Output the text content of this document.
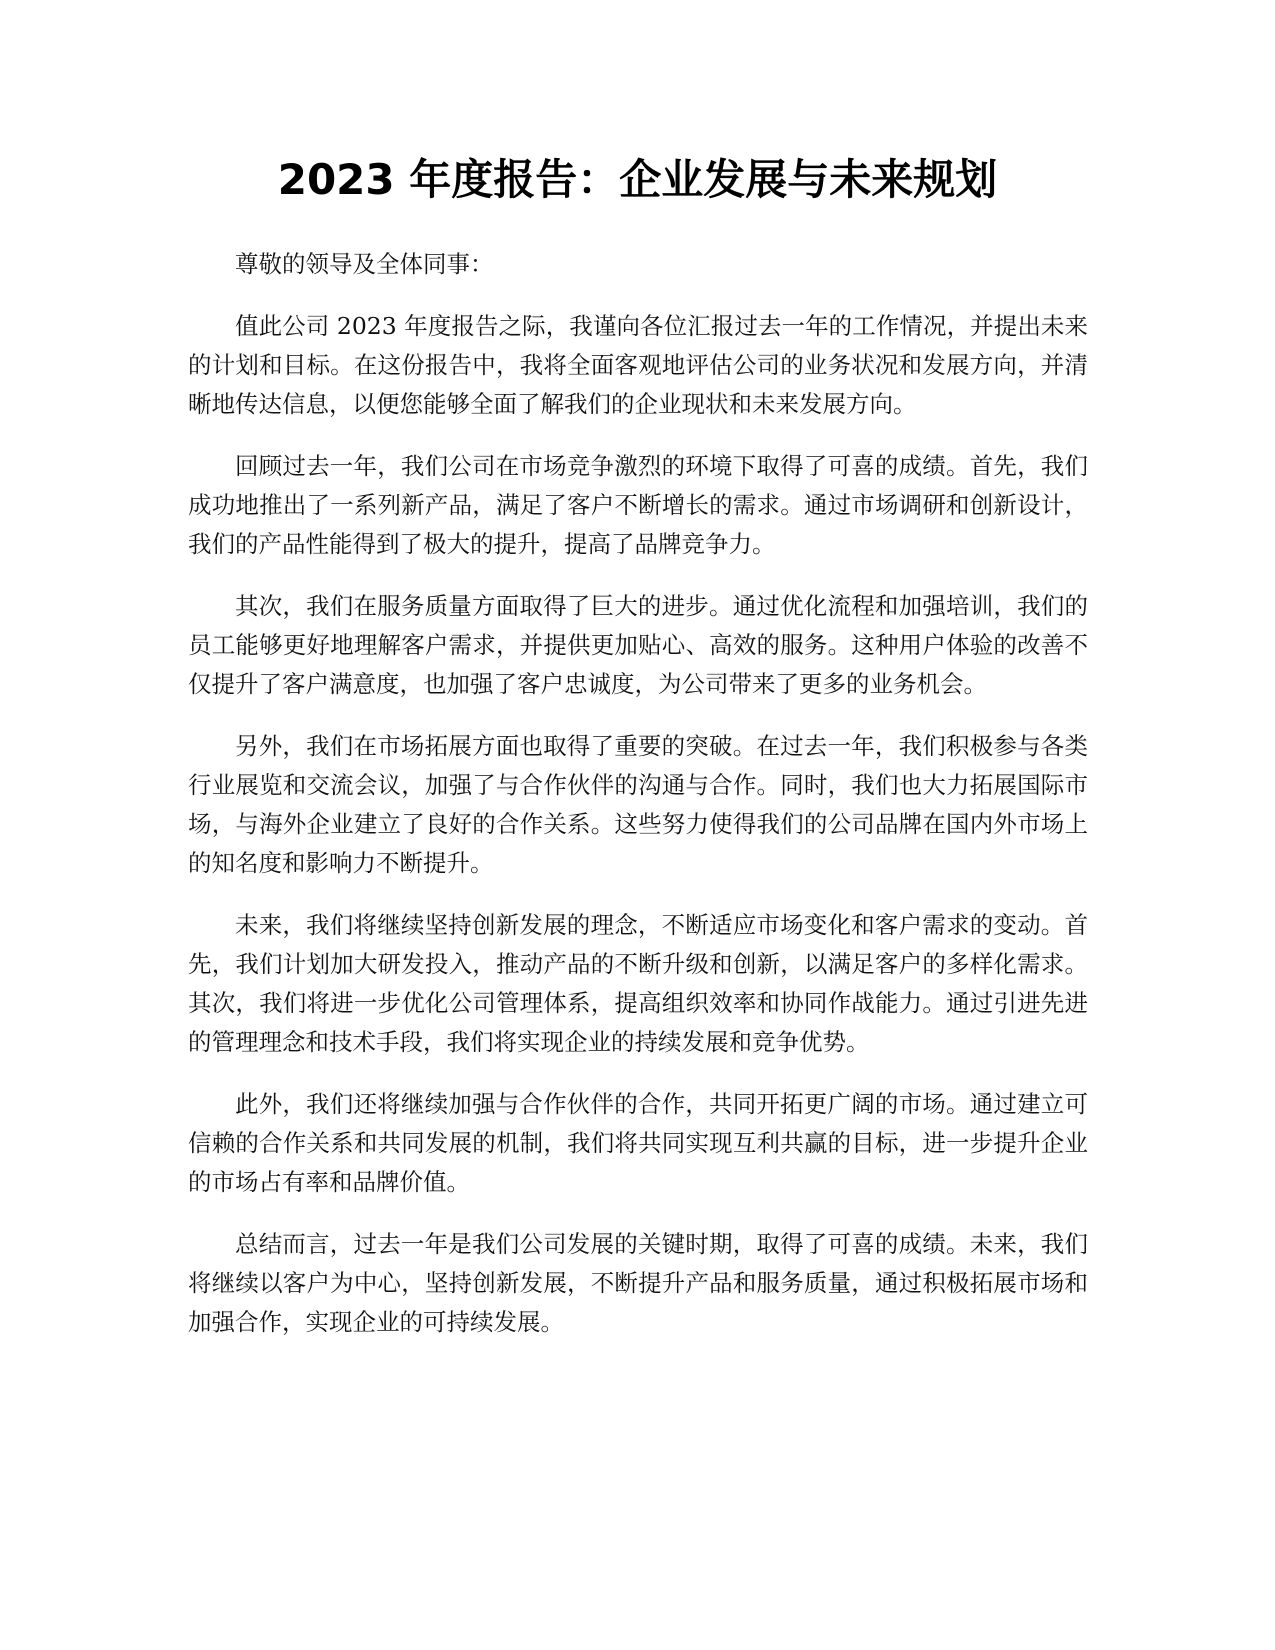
2023 年度报告：企业发展与未来规划

尊敬的领导及全体同事：

值此公司 2023 年度报告之际，我谨向各位汇报过去一年的工作情况，并提出未来的计划和目标。在这份报告中，我将全面客观地评估公司的业务状况和发展方向，并清晰地传达信息，以便您能够全面了解我们的企业现状和未来发展方向。

回顾过去一年，我们公司在市场竞争激烈的环境下取得了可喜的成绩。首先，我们成功地推出了一系列新产品，满足了客户不断增长的需求。通过市场调研和创新设计，我们的产品性能得到了极大的提升，提高了品牌竞争力。

其次，我们在服务质量方面取得了巨大的进步。通过优化流程和加强培训，我们的员工能够更好地理解客户需求，并提供更加贴心、高效的服务。这种用户体验的改善不仅提升了客户满意度，也加强了客户忠诚度，为公司带来了更多的业务机会。

另外，我们在市场拓展方面也取得了重要的突破。在过去一年，我们积极参与各类行业展览和交流会议，加强了与合作伙伴的沟通与合作。同时，我们也大力拓展国际市场，与海外企业建立了良好的合作关系。这些努力使得我们的公司品牌在国内外市场上的知名度和影响力不断提升。

未来，我们将继续坚持创新发展的理念，不断适应市场变化和客户需求的变动。首先，我们计划加大研发投入，推动产品的不断升级和创新，以满足客户的多样化需求。其次，我们将进一步优化公司管理体系，提高组织效率和协同作战能力。通过引进先进的管理理念和技术手段，我们将实现企业的持续发展和竞争优势。

此外，我们还将继续加强与合作伙伴的合作，共同开拓更广阔的市场。通过建立可信赖的合作关系和共同发展的机制，我们将共同实现互利共赢的目标，进一步提升企业的市场占有率和品牌价值。

总结而言，过去一年是我们公司发展的关键时期，取得了可喜的成绩。未来，我们将继续以客户为中心，坚持创新发展，不断提升产品和服务质量，通过积极拓展市场和加强合作，实现企业的可持续发展。
